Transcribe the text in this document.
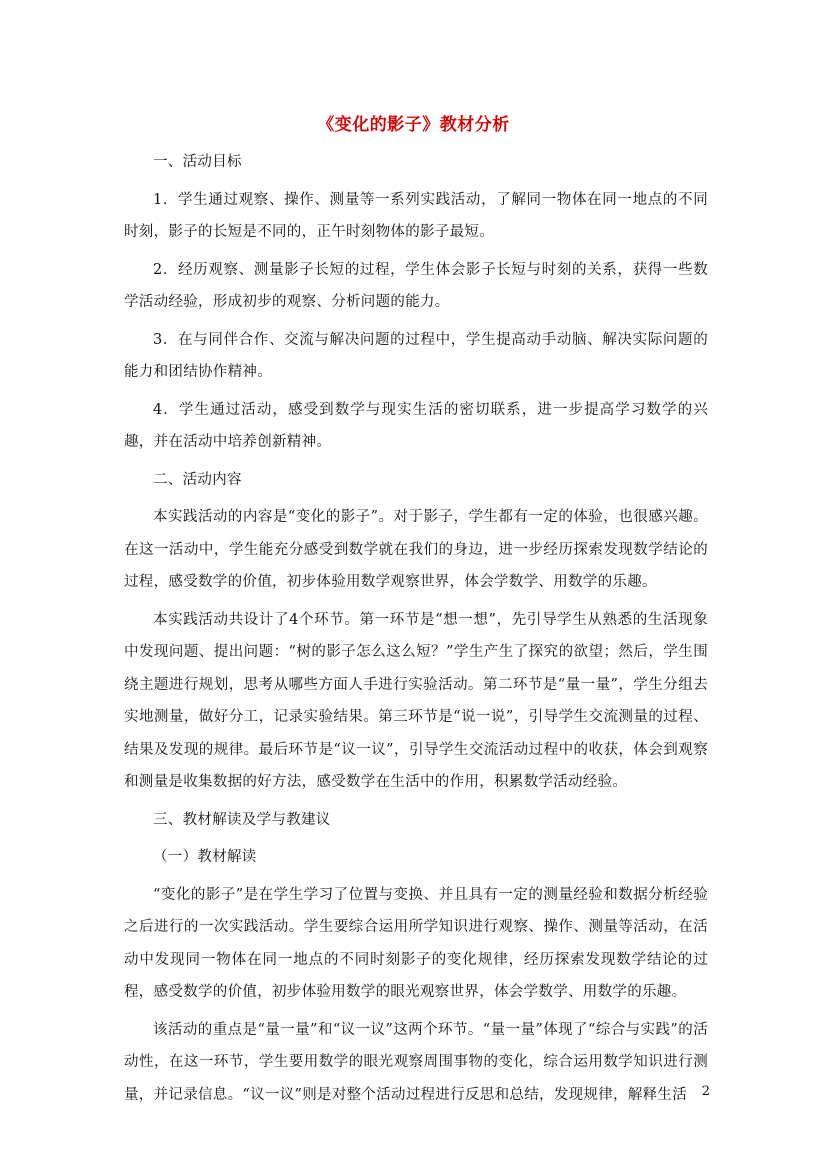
《变化的影子》教材分析

一、活动目标

1．学生通过观察、操作、测量等一系列实践活动，了解同一物体在同一地点的不同时刻，影子的长短是不同的，正午时刻物体的影子最短。

2．经历观察、测量影子长短的过程，学生体会影子长短与时刻的关系，获得一些数学活动经验，形成初步的观察、分析问题的能力。

3．在与同伴合作、交流与解决问题的过程中，学生提高动手动脑、解决实际问题的能力和团结协作精神。

4．学生通过活动，感受到数学与现实生活的密切联系，进一步提高学习数学的兴趣，并在活动中培养创新精神。

二、活动内容

本实践活动的内容是“变化的影子”。对于影子，学生都有一定的体验，也很感兴趣。在这一活动中，学生能充分感受到数学就在我们的身边，进一步经历探索发现数学结论的过程，感受数学的价值，初步体验用数学观察世界，体会学数学、用数学的乐趣。

本实践活动共设计了4个环节。第一环节是“想一想”，先引导学生从熟悉的生活现象中发现问题、提出问题：“树的影子怎么这么短？”学生产生了探究的欲望；然后，学生围绕主题进行规划，思考从哪些方面人手进行实验活动。第二环节是“量一量”，学生分组去实地测量，做好分工，记录实验结果。第三环节是“说一说”，引导学生交流测量的过程、结果及发现的规律。最后环节是“议一议”，引导学生交流活动过程中的收获，体会到观察和测量是收集数据的好方法，感受数学在生活中的作用，积累数学活动经验。

三、教材解读及学与教建议

（一）教材解读

“变化的影子”是在学生学习了位置与变换、并且具有一定的测量经验和数据分析经验之后进行的一次实践活动。学生要综合运用所学知识进行观察、操作、测量等活动，在活动中发现同一物体在同一地点的不同时刻影子的变化规律，经历探索发现数学结论的过程，感受数学的价值，初步体验用数学的眼光观察世界，体会学数学、用数学的乐趣。

该活动的重点是“量一量”和“议一议”这两个环节。“量一量”体现了“综合与实践”的活动性，在这一环节，学生要用数学的眼光观察周围事物的变化，综合运用数学知识进行测量，并记录信息。“议一议”则是对整个活动过程进行反思和总结，发现规律，解释生活	2
